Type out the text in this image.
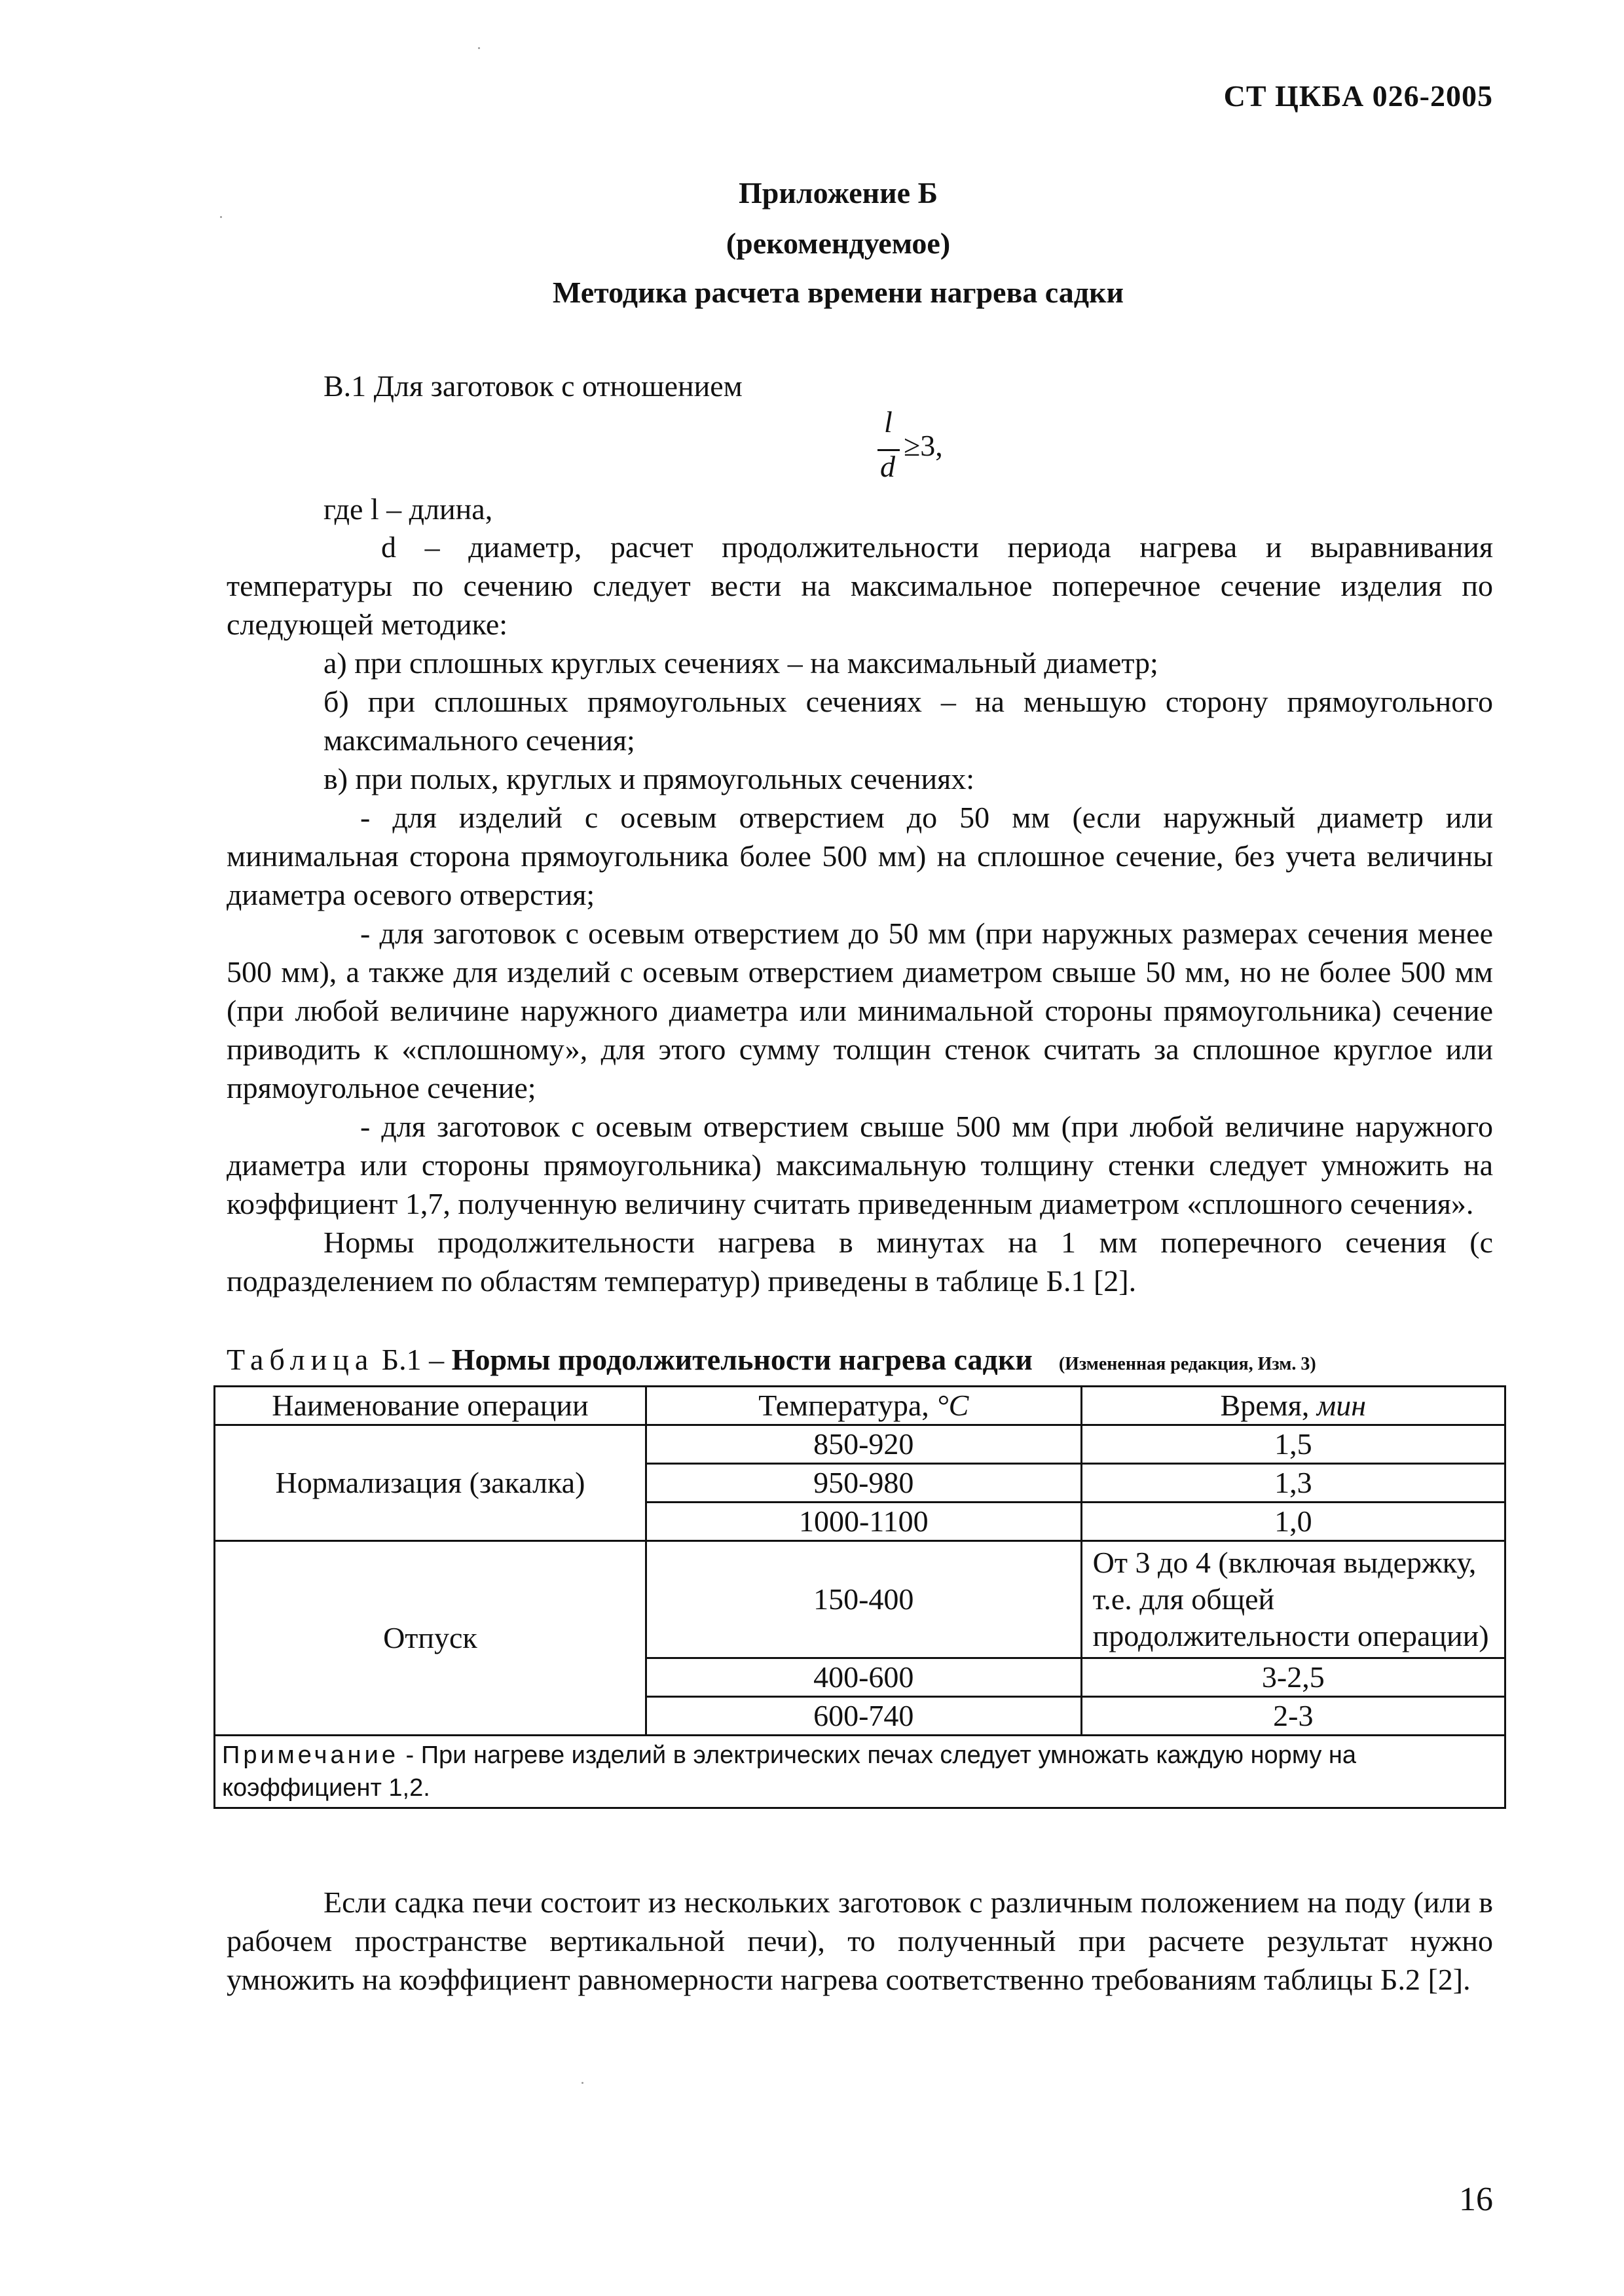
СТ ЦКБА 026-2005
Приложение Б
(рекомендуемое)
Методика расчета времени нагрева садки
В.1 Для заготовок с отношением
l
d
≥3,
где l – длина,
d – диаметр, расчет продолжительности периода нагрева и выравнивания температуры по сечению следует вести на максимальное поперечное сечение изделия по следующей методике:
а) при сплошных круглых сечениях – на максимальный диаметр;
б) при сплошных прямоугольных сечениях – на меньшую сторону прямоугольного максимального сечения;
в) при полых, круглых и прямоугольных сечениях:
- для изделий с осевым отверстием до 50 мм (если наружный диаметр или минимальная сторона прямоугольника более 500 мм) на сплошное сечение, без учета величины диаметра осевого отверстия;
- для заготовок с осевым отверстием до 50 мм (при наружных размерах сечения менее 500 мм), а также для изделий с осевым отверстием диаметром свыше 50 мм, но не более 500 мм (при любой величине наружного диаметра или минимальной стороны прямоугольника) сечение приводить к «сплошному», для этого сумму толщин стенок считать за сплошное круглое или прямоугольное сечение;
- для заготовок с осевым отверстием свыше 500 мм (при любой величине наружного диаметра или стороны прямоугольника) максимальную толщину стенки следует умножить на коэффициент 1,7, полученную величину считать приведенным диаметром «сплошного сечения».
Нормы продолжительности нагрева в минутах на 1 мм поперечного сечения (с подразделением по областям температур) приведены в таблице Б.1 [2].
Таблица Б.1 – Нормы продолжительности нагрева садки (Измененная редакция, Изм. 3)
Наименование операции	Температура, °C	Время, мин
Нормализация (закалка)	850-920	1,5
	950-980	1,3
	1000-1100	1,0
Отпуск	150-400	От 3 до 4 (включая выдержку, т.е. для общей продолжительности операции)
	400-600	3-2,5
	600-740	2-3
Примечание - При нагреве изделий в электрических печах следует умножать каждую норму на коэффициент 1,2.		
Если садка печи состоит из нескольких заготовок с различным положением на поду (или в рабочем пространстве вертикальной печи), то полученный при расчете результат нужно умножить на коэффициент равномерности нагрева соответственно требованиям таблицы Б.2 [2].
16
